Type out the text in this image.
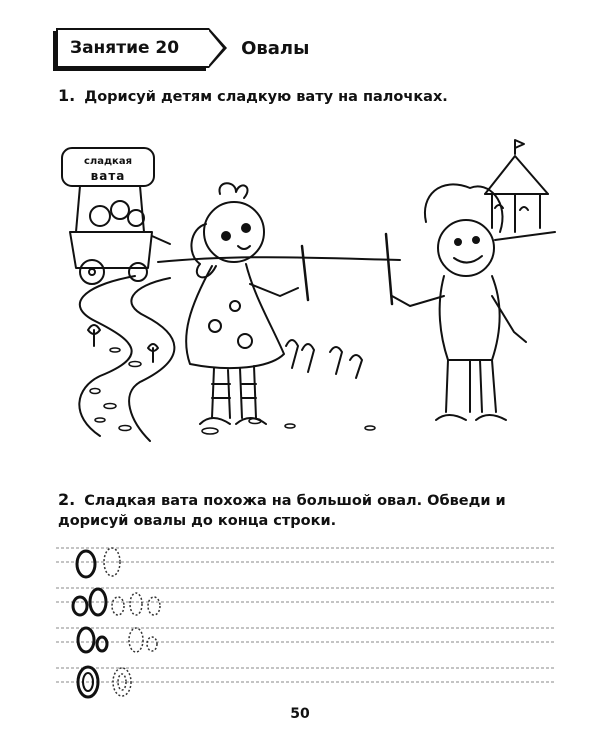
Занятие 20	Овалы
1. Дорисуй детям сладкую вату на палочках.
сладкая
вата
2. Сладкая вата похожа на большой овал. Обведи и дорисуй овалы до конца строки.
50
